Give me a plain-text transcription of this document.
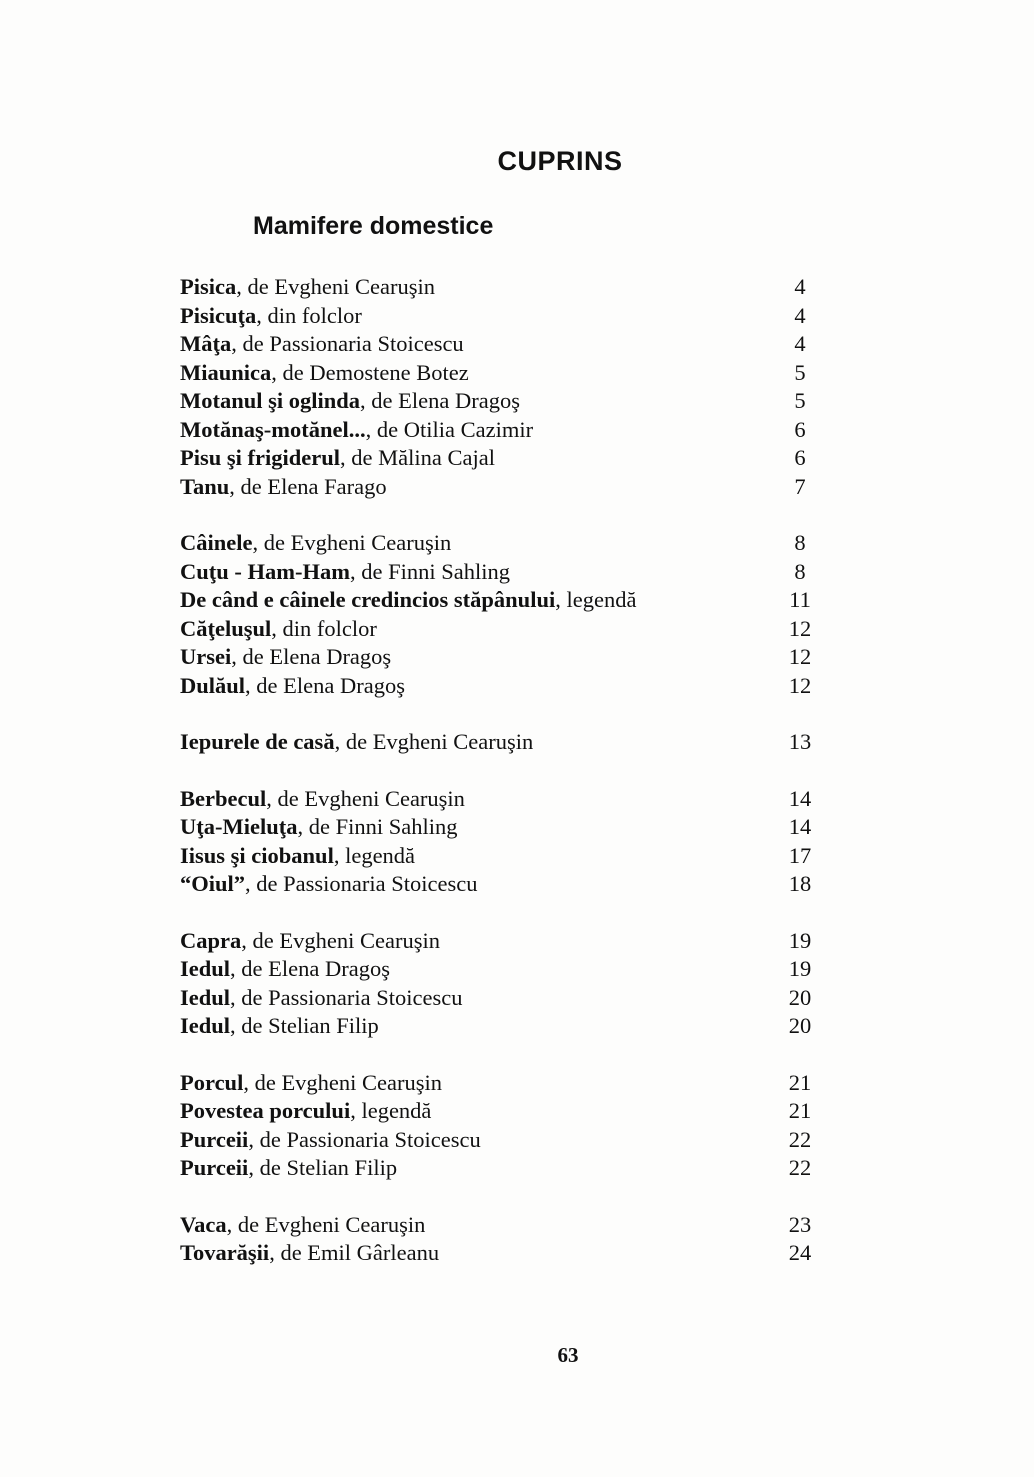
CUPRINS
Mamifere domestice
Pisica , de Evgheni Cearuşin	4
Pisicuţa , din folclor	4
Mâţa , de Passionaria Stoicescu	4
Miaunica , de Demostene Botez	5
Motanul şi oglinda , de Elena Dragoş	5
Motănaş-motănel... , de Otilia Cazimir	6
Pisu şi frigiderul , de Mălina Cajal	6
Tanu , de Elena Farago	7
Câinele , de Evgheni Cearuşin	8
Cuţu - Ham-Ham , de Finni Sahling	8
De când e câinele credincios stăpânului , legendă	11
Căţeluşul , din folclor	12
Ursei , de Elena Dragoş	12
Dulăul , de Elena Dragoş	12
Iepurele de casă , de Evgheni Cearuşin	13
Berbecul , de Evgheni Cearuşin	14
Uţa-Mieluţa , de Finni Sahling	14
Iisus şi ciobanul , legendă	17
“Oiul” , de Passionaria Stoicescu	18
Capra , de Evgheni Cearuşin	19
Iedul , de Elena Dragoş	19
Iedul , de Passionaria Stoicescu	20
Iedul , de Stelian Filip	20
Porcul , de Evgheni Cearuşin	21
Povestea porcului , legendă	21
Purceii , de Passionaria Stoicescu	22
Purceii , de Stelian Filip	22
Vaca , de Evgheni Cearuşin	23
Tovarăşii , de Emil Gârleanu	24
63
